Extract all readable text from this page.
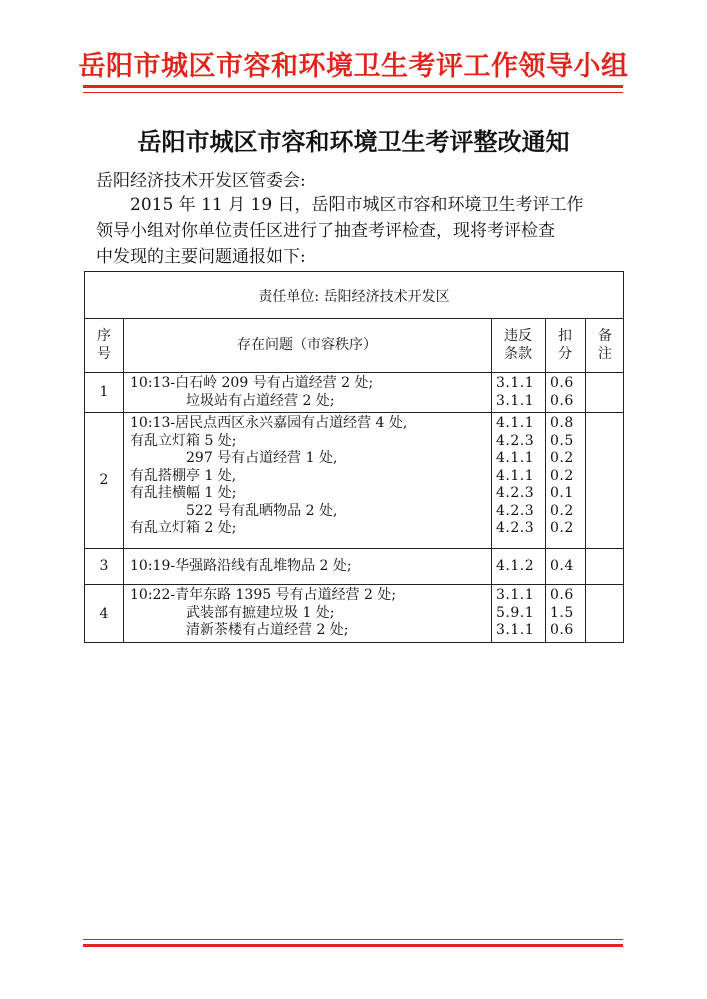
岳阳市城区市容和环境卫生考评工作领导小组
岳阳市城区市容和环境卫生考评整改通知
岳阳经济技术开发区管委会:
2015 年 11 月 19 日，岳阳市城区市容和环境卫生考评工作
领导小组对你单位责任区进行了抽查考评检查，现将考评检查
中发现的主要问题通报如下:
责任单位: 岳阳经济技术开发区
序
号
存在问题（市容秩序）
违反
条款
扣
分
备
注
1
10:13-白石岭 209 号有占道经营 2 处;
垃圾站有占道经营 2 处;
3.1.1
3.1.1
0.6
0.6
2
10:13-居民点西区永兴嘉园有占道经营 4 处,
有乱立灯箱 5 处;
297 号有占道经营 1 处,
有乱搭棚亭 1 处,
有乱挂横幅 1 处;
522 号有乱晒物品 2 处,
有乱立灯箱 2 处;
4.1.1
4.2.3
4.1.1
4.1.1
4.2.3
4.2.3
4.2.3
0.8
0.5
0.2
0.2
0.1
0.2
0.2
3	10:19-华强路沿线有乱堆物品 2 处;	4.1.2 0.4
4
10:22-青年东路 1395 号有占道经营 2 处;
武装部有摭建垃圾 1 处;
清新茶楼有占道经营 2 处;
3.1.1
5.9.1
3.1.1
0.6
1.5
0.6
